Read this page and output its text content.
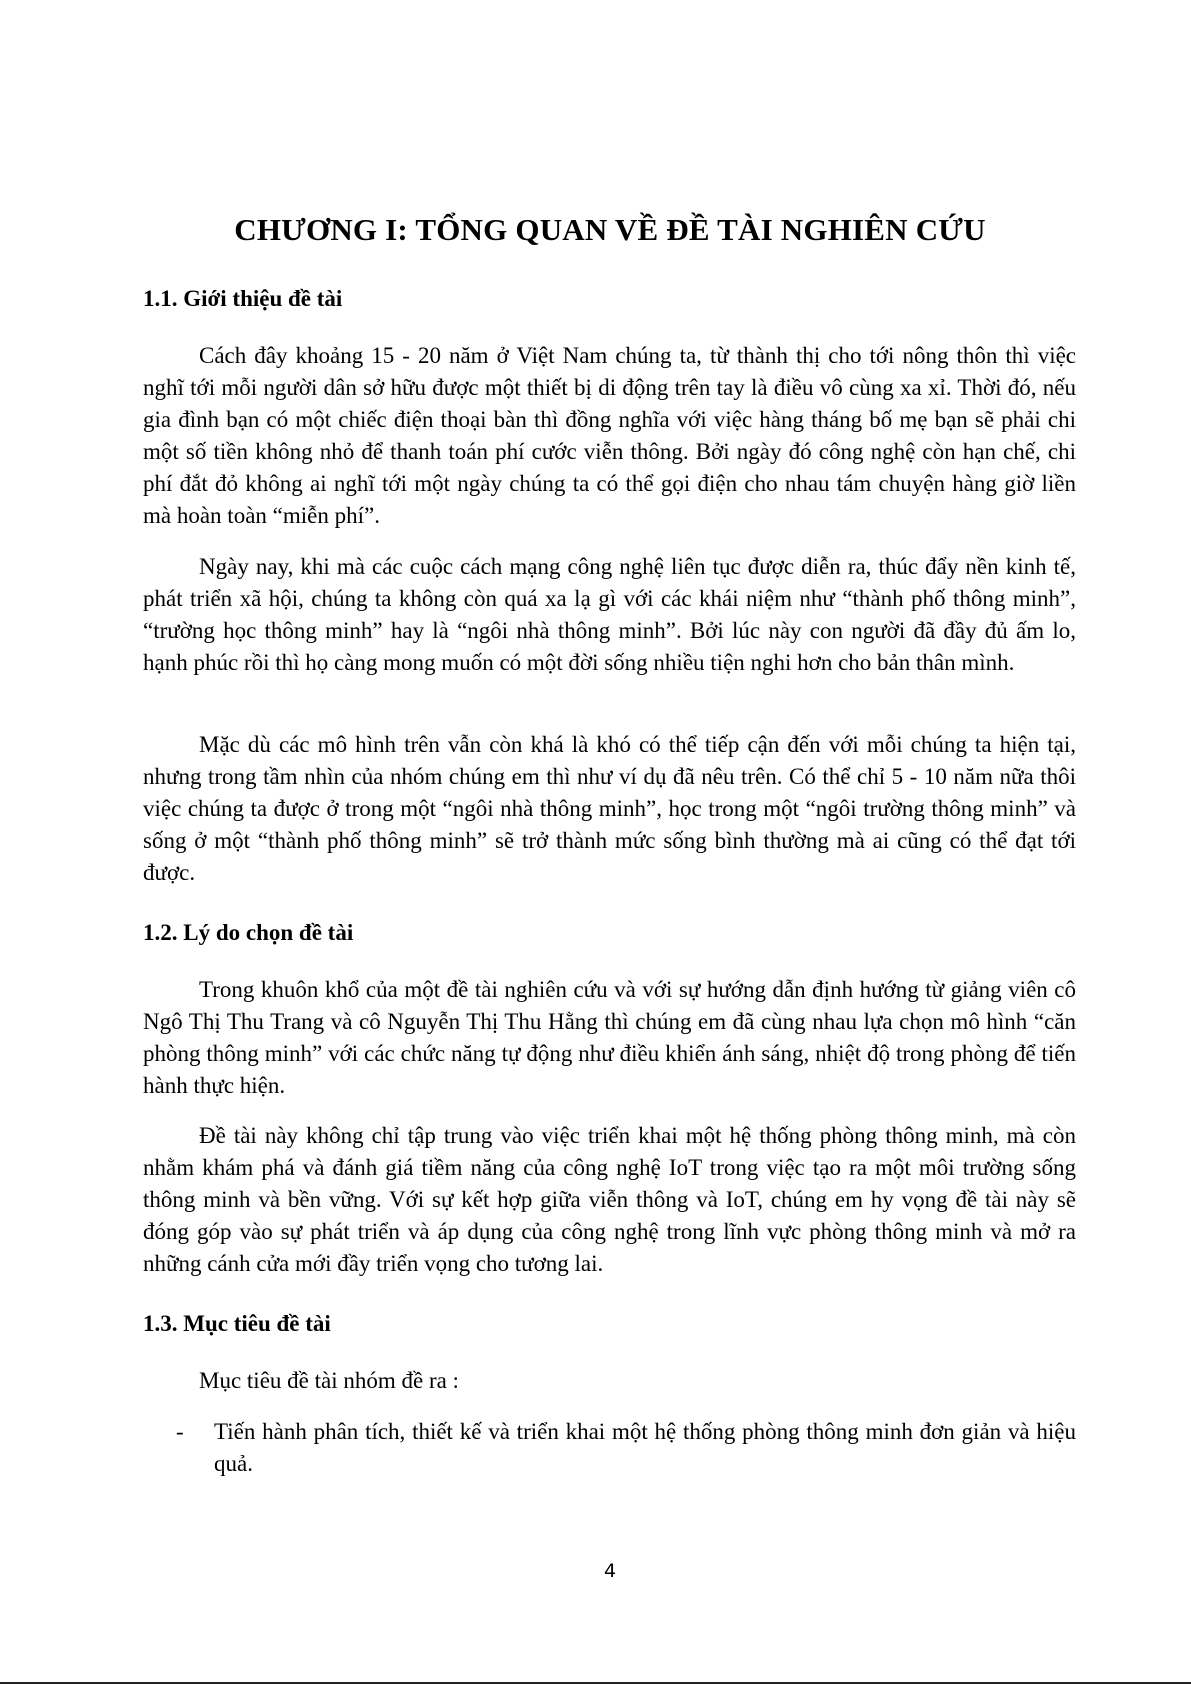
CHƯƠNG I: TỔNG QUAN VỀ ĐỀ TÀI NGHIÊN CỨU
1.1. Giới thiệu đề tài

Cách đây khoảng 15 - 20 năm ở Việt Nam chúng ta, từ thành thị cho tới nông thôn thì việc nghĩ tới mỗi người dân sở hữu được một thiết bị di động trên tay là điều vô cùng xa xỉ. Thời đó, nếu gia đình bạn có một chiếc điện thoại bàn thì đồng nghĩa với việc hàng tháng bố mẹ bạn sẽ phải chi một số tiền không nhỏ để thanh toán phí cước viễn thông. Bởi ngày đó công nghệ còn hạn chế, chi phí đắt đỏ không ai nghĩ tới một ngày chúng ta có thể gọi điện cho nhau tám chuyện hàng giờ liền mà hoàn toàn “miễn phí”.

Ngày nay, khi mà các cuộc cách mạng công nghệ liên tục được diễn ra, thúc đẩy nền kinh tế, phát triển xã hội, chúng ta không còn quá xa lạ gì với các khái niệm như “thành phố thông minh”, “trường học thông minh” hay là “ngôi nhà thông minh”. Bởi lúc này con người đã đầy đủ ấm lo, hạnh phúc rồi thì họ càng mong muốn có một đời sống nhiều tiện nghi hơn cho bản thân mình.

Mặc dù các mô hình trên vẫn còn khá là khó có thể tiếp cận đến với mỗi chúng ta hiện tại, nhưng trong tầm nhìn của nhóm chúng em thì như ví dụ đã nêu trên. Có thể chỉ 5 - 10 năm nữa thôi việc chúng ta được ở trong một “ngôi nhà thông minh”, học trong một “ngôi trường thông minh” và sống ở một “thành phố thông minh” sẽ trở thành mức sống bình thường mà ai cũng có thể đạt tới được.

1.2. Lý do chọn đề tài

Trong khuôn khổ của một đề tài nghiên cứu và với sự hướng dẫn định hướng từ giảng viên cô Ngô Thị Thu Trang và cô Nguyễn Thị Thu Hằng thì chúng em đã cùng nhau lựa chọn mô hình “căn phòng thông minh” với các chức năng tự động như điều khiển ánh sáng, nhiệt độ trong phòng để tiến hành thực hiện.

Đề tài này không chỉ tập trung vào việc triển khai một hệ thống phòng thông minh, mà còn nhằm khám phá và đánh giá tiềm năng của công nghệ IoT trong việc tạo ra một môi trường sống thông minh và bền vững. Với sự kết hợp giữa viễn thông và IoT, chúng em hy vọng đề tài này sẽ đóng góp vào sự phát triển và áp dụng của công nghệ trong lĩnh vực phòng thông minh và mở ra những cánh cửa mới đầy triển vọng cho tương lai.

1.3. Mục tiêu đề tài

Mục tiêu đề tài nhóm đề ra :

- Tiến hành phân tích, thiết kế và triển khai một hệ thống phòng thông minh đơn giản và hiệu quả.
4
